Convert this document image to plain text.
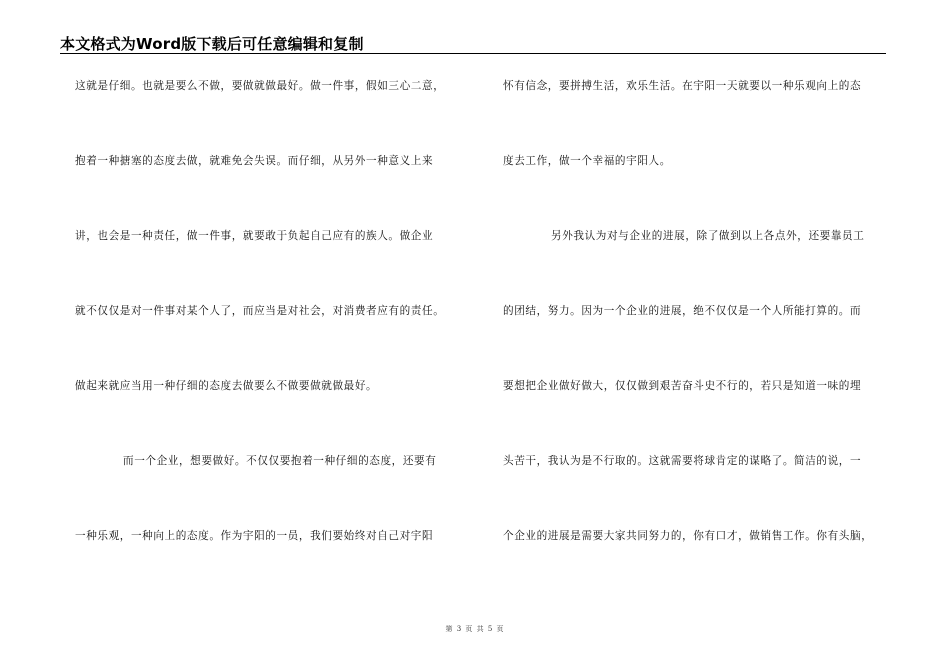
本文格式为Word版下载后可任意编辑和复制
这就是仔细。也就是要么不做，要做就做最好。做一件事，假如三心二意，
抱着一种搪塞的态度去做，就难免会失误。而仔细，从另外一种意义上来
讲，也会是一种责任，做一件事，就要敢于负起自己应有的族人。做企业
就不仅仅是对一件事对某个人了，而应当是对社会，对消费者应有的责任。
做起来就应当用一种仔细的态度去做要么不做要做就做最好。
而一个企业，想要做好。不仅仅要抱着一种仔细的态度，还要有
一种乐观，一种向上的态度。作为宇阳的一员，我们要始终对自己对宇阳
怀有信念，要拼搏生活，欢乐生活。在宇阳一天就要以一种乐观向上的态
度去工作，做一个幸福的宇阳人。
另外我认为对与企业的进展，除了做到以上各点外，还要靠员工
的团结，努力。因为一个企业的进展，绝不仅仅是一个人所能打算的。而
要想把企业做好做大，仅仅做到艰苦奋斗史不行的，若只是知道一味的埋
头苦干，我认为是不行取的。这就需要将球肯定的谋略了。简洁的说，一
个企业的进展是需要大家共同努力的，你有口才，做销售工作。你有头脑，
第 3 页 共 5 页
